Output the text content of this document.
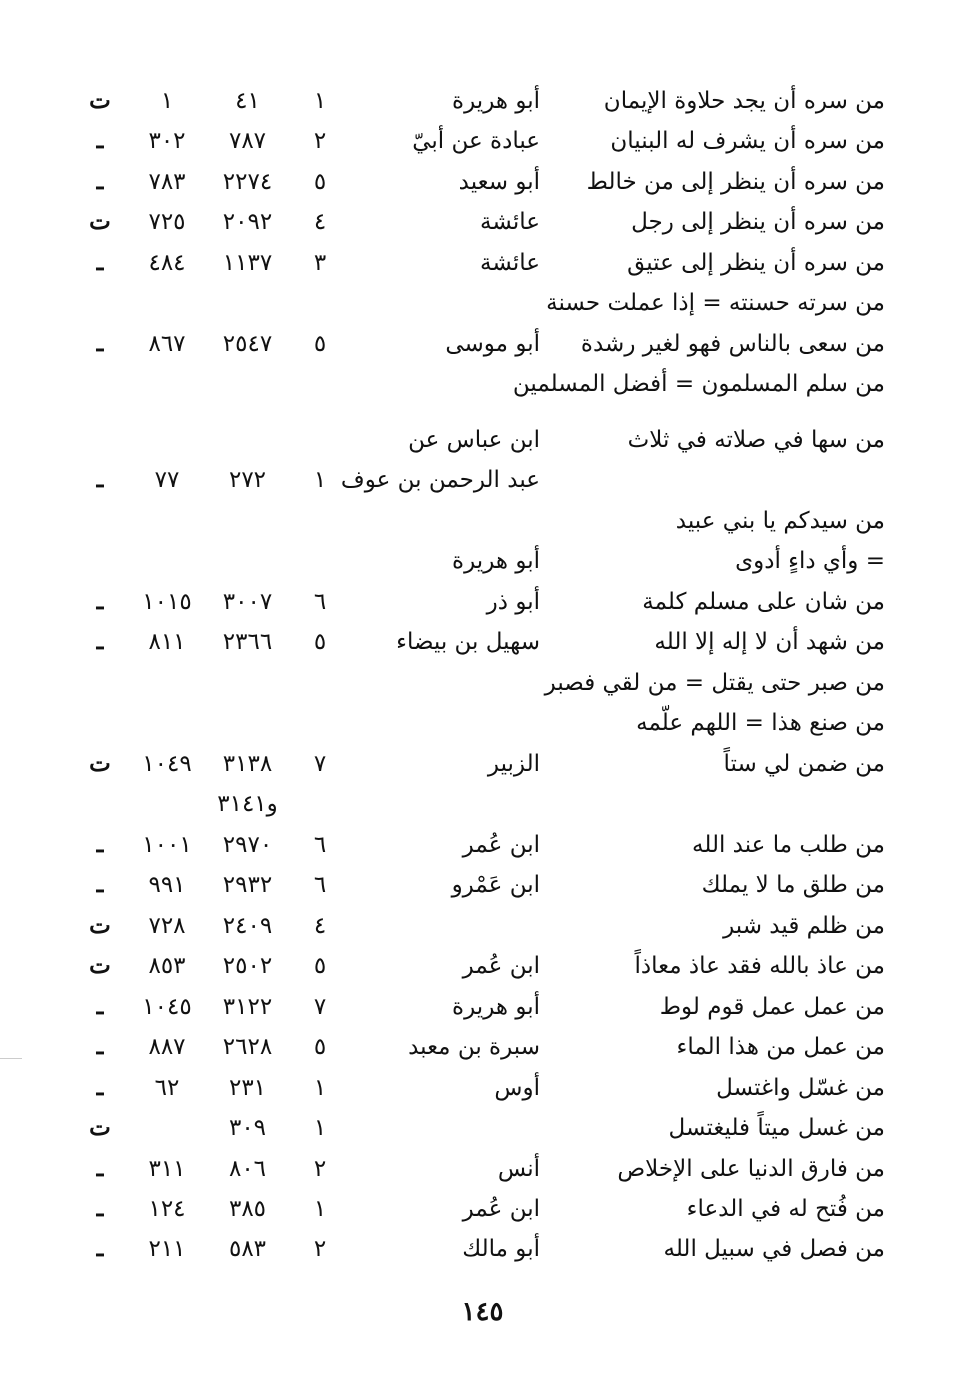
من سره أن يجد حلاوة الإيمان
أبو هريرة
١
٤١
١
ت
من سره أن يشرف له البنيان
عبادة عن أبيّ
٢
٧٨٧
٣٠٢
ـ
من سره أن ينظر إلى من خالط
أبو سعيد
٥
٢٢٧٤
٧٨٣
ـ
من سره أن ينظر إلى رجل
عائشة
٤
٢٠٩٢
٧٢٥
ت
من سره أن ينظر إلى عتيق
عائشة
٣
١١٣٧
٤٨٤
ـ
من سرته حسنته = إذا عملت حسنة
من سعى بالناس فهو لغير رشدة
أبو موسى
٥
٢٥٤٧
٨٦٧
ـ
من سلم المسلمون = أفضل المسلمين
من سها في صلاته في ثلاث
ابن عباس عن
عبد الرحمن بن عوف
١
٢٧٢
٧٧
ـ
من سيدكم يا بني عبيد
= وأي داءٍ أدوى
أبو هريرة
من شان على مسلم كلمة
أبو ذر
٦
٣٠٠٧
١٠١٥
ـ
من شهد أن لا إله إلا الله
سهيل بن بيضاء
٥
٢٣٦٦
٨١١
ـ
من صبر حتى يقتل = من لقي فصبر
من صنع هذا = اللهم علّمه
من ضمن لي ستاً
الزبير
٧
٣١٣٨
١٠٤٩
ت
و٣١٤١
من طلب ما عند الله
ابن عُمر
٦
٢٩٧٠
١٠٠١
ـ
من طلق ما لا يملك
ابن عَمْرو
٦
٢٩٣٢
٩٩١
ـ
من ظلم قيد شبر
٤
٢٤٠٩
٧٢٨
ت
من عاذ بالله فقد عاذ معاذاً
ابن عُمر
٥
٢٥٠٢
٨٥٣
ت
من عمل عمل قوم لوط
أبو هريرة
٧
٣١٢٢
١٠٤٥
ـ
من عمل من هذا الماء
سبرة بن معبد
٥
٢٦٢٨
٨٨٧
ـ
من غسّل واغتسل
أوس
١
٢٣١
٦٢
ـ
من غسل ميتاً فليغتسل
١
٣٠٩
ت
من فارق الدنيا على الإخلاص
أنس
٢
٨٠٦
٣١١
ـ
من فُتح له في الدعاء
ابن عُمر
١
٣٨٥
١٢٤
ـ
من فصل في سبيل الله
أبو مالك
٢
٥٨٣
٢١١
ـ
١٤٥
